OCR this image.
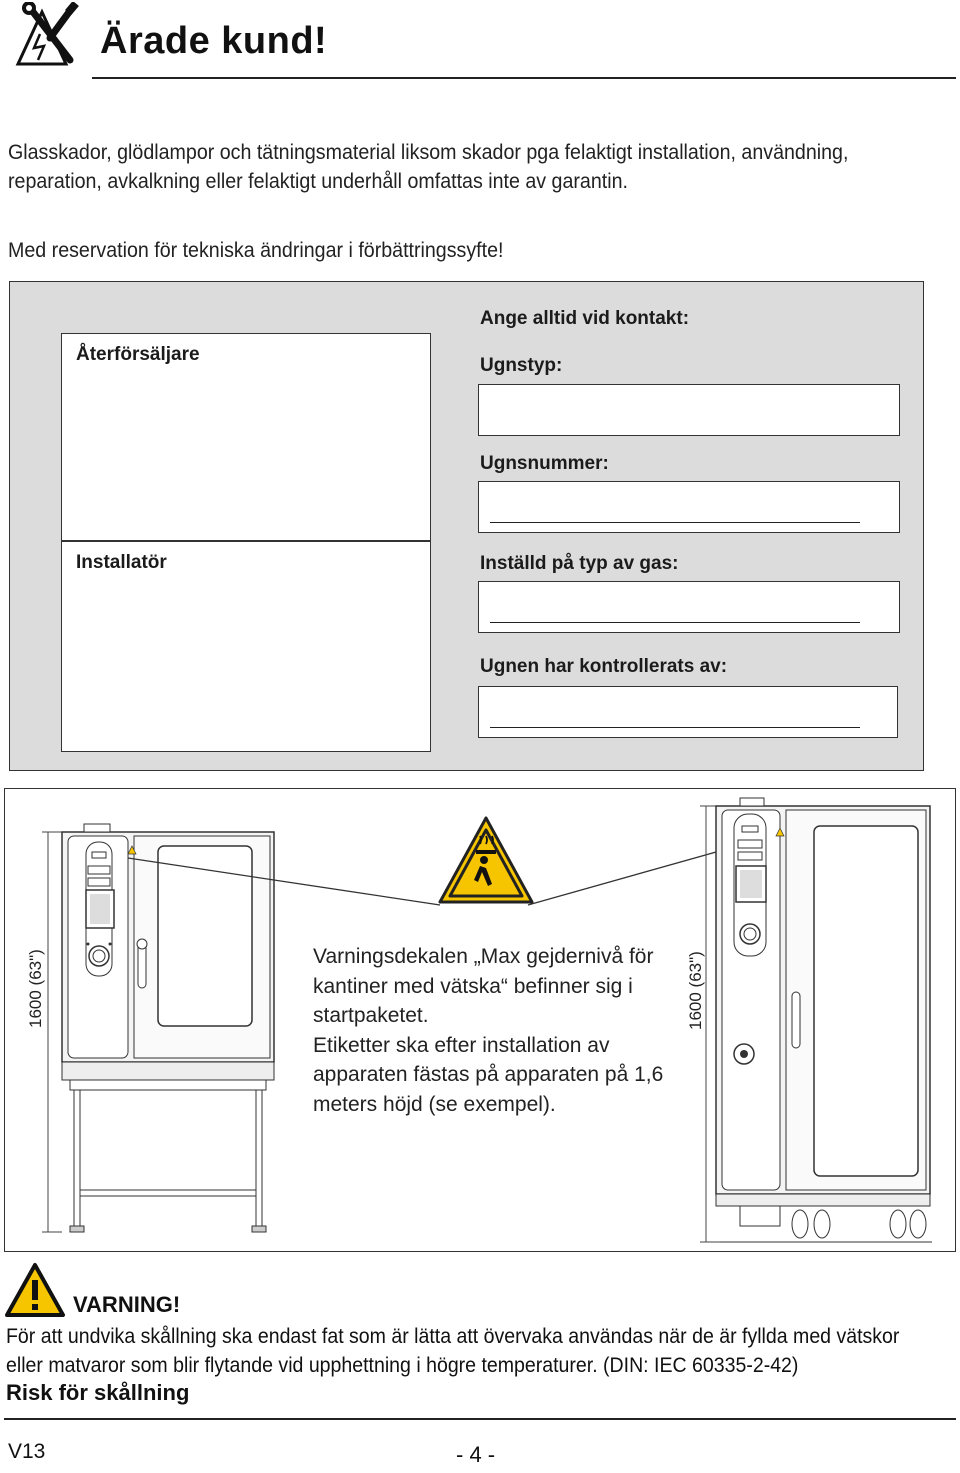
Ärade kund!
Glasskador, glödlampor och tätningsmaterial liksom skador pga felaktigt installation, användning,
reparation, avkalkning eller felaktigt underhåll omfattas inte av garantin.
Med reservation för tekniska ändringar i förbättringssyfte!
Återförsäljare
Installatör
Ange alltid vid kontakt:
Ugnstyp:
Ugnsnummer:
Inställd på typ av gas:
Ugnen har kontrollerats av:
1600 (63")	Varningsdekalen „Max gejdernivå för
kantiner med vätska“ befinner sig i
startpaketet.
Etiketter ska efter installation av
apparaten fästas på apparaten på 1,6
meters höjd (se exempel).
1600 (63")
VARNING!
För att undvika skållning ska endast fat som är lätta att övervaka användas när de är fyllda med vätskor
eller matvaror som blir flytande vid upphettning i högre temperaturer. (DIN: IEC 60335-2-42)
Risk för skållning
V13	- 4 -
